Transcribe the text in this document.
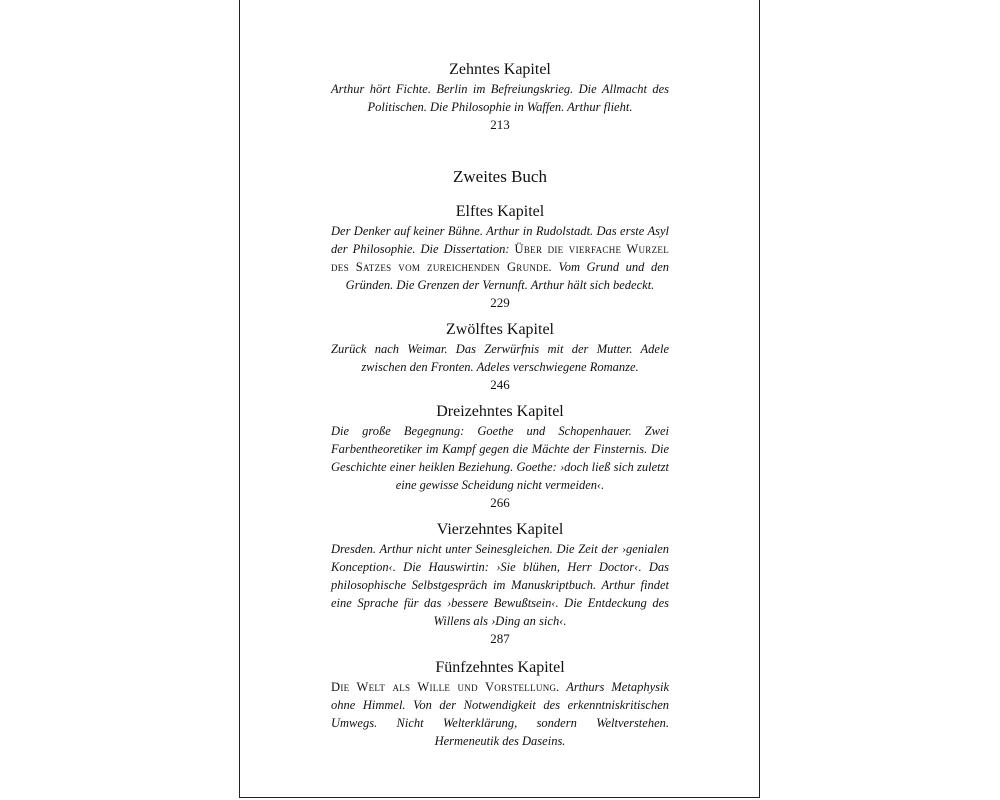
Zehntes Kapitel

Arthur hört Fichte. Berlin im Befreiungskrieg. Die Allmacht des Politischen. Die Philosophie in Waffen. Arthur flieht.

213

Zweites Buch

Elftes Kapitel

Der Denker auf keiner Bühne. Arthur in Rudolstadt. Das erste Asyl der Philosophie. Die Dissertation: Über die vierfache Wurzel des Satzes vom zureichenden Grunde. Vom Grund und den Gründen. Die Grenzen der Vernunft. Arthur hält sich bedeckt.

229

Zwölftes Kapitel

Zurück nach Weimar. Das Zerwürfnis mit der Mutter. Adele zwischen den Fronten. Adeles verschwiegene Romanze.

246

Dreizehntes Kapitel

Die große Begegnung: Goethe und Schopenhauer. Zwei Farbentheoretiker im Kampf gegen die Mächte der Finsternis. Die Geschichte einer heiklen Beziehung. Goethe: ›doch ließ sich zuletzt eine gewisse Scheidung nicht vermeiden‹.

266

Vierzehntes Kapitel

Dresden. Arthur nicht unter Seinesgleichen. Die Zeit der ›genialen Konception‹. Die Hauswirtin: ›Sie blühen, Herr Doctor‹. Das philosophische Selbstgespräch im Manuskriptbuch. Arthur findet eine Sprache für das ›bessere Bewußtsein‹. Die Entdeckung des Willens als ›Ding an sich‹.

287

Fünfzehntes Kapitel

Die Welt als Wille und Vorstellung. Arthurs Metaphysik ohne Himmel. Von der Notwendigkeit des erkenntniskritischen Umwegs. Nicht Welterklärung, sondern Weltverstehen. Hermeneutik des Daseins.
